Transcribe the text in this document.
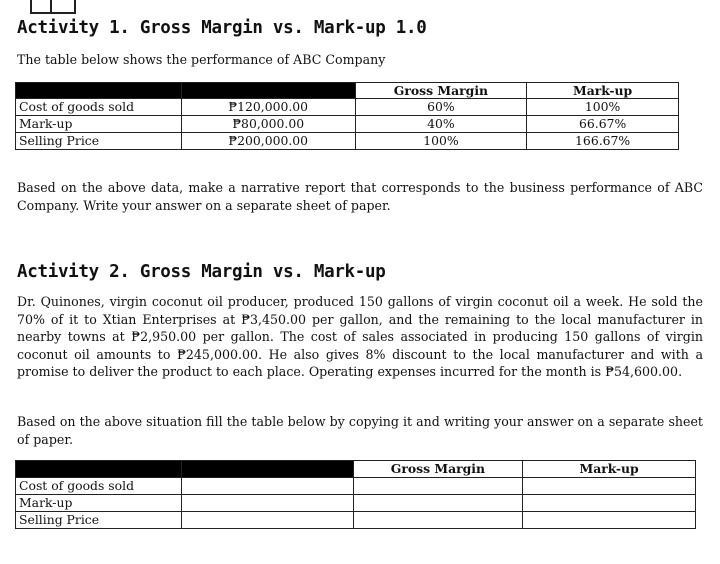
Activity 1. Gross Margin vs. Mark-up 1.0
The table below shows the performance of ABC Company
		Gross Margin	Mark-up
Cost of goods sold	₱120,000.00	60%	100%
Mark-up	₱80,000.00	40%	66.67%
Selling Price	₱200,000.00	100%	166.67%
Based on the above data, make a narrative report that corresponds to the business performance of ABC Company. Write your answer on a separate sheet of paper.
Activity 2. Gross Margin vs. Mark-up
Dr. Quinones, virgin coconut oil producer, produced 150 gallons of virgin coconut oil a week. He sold the 70% of it to Xtian Enterprises at ₱3,450.00 per gallon, and the remaining to the local manufacturer in nearby towns at ₱2,950.00 per gallon. The cost of sales associated in producing 150 gallons of virgin coconut oil amounts to ₱245,000.00. He also gives 8% discount to the local manufacturer and with a promise to deliver the product to each place. Operating expenses incurred for the month is ₱54,600.00.
Based on the above situation fill the table below by copying it and writing your answer on a separate sheet of paper.
		Gross Margin	Mark-up
Cost of goods sold			
Mark-up			
Selling Price			
